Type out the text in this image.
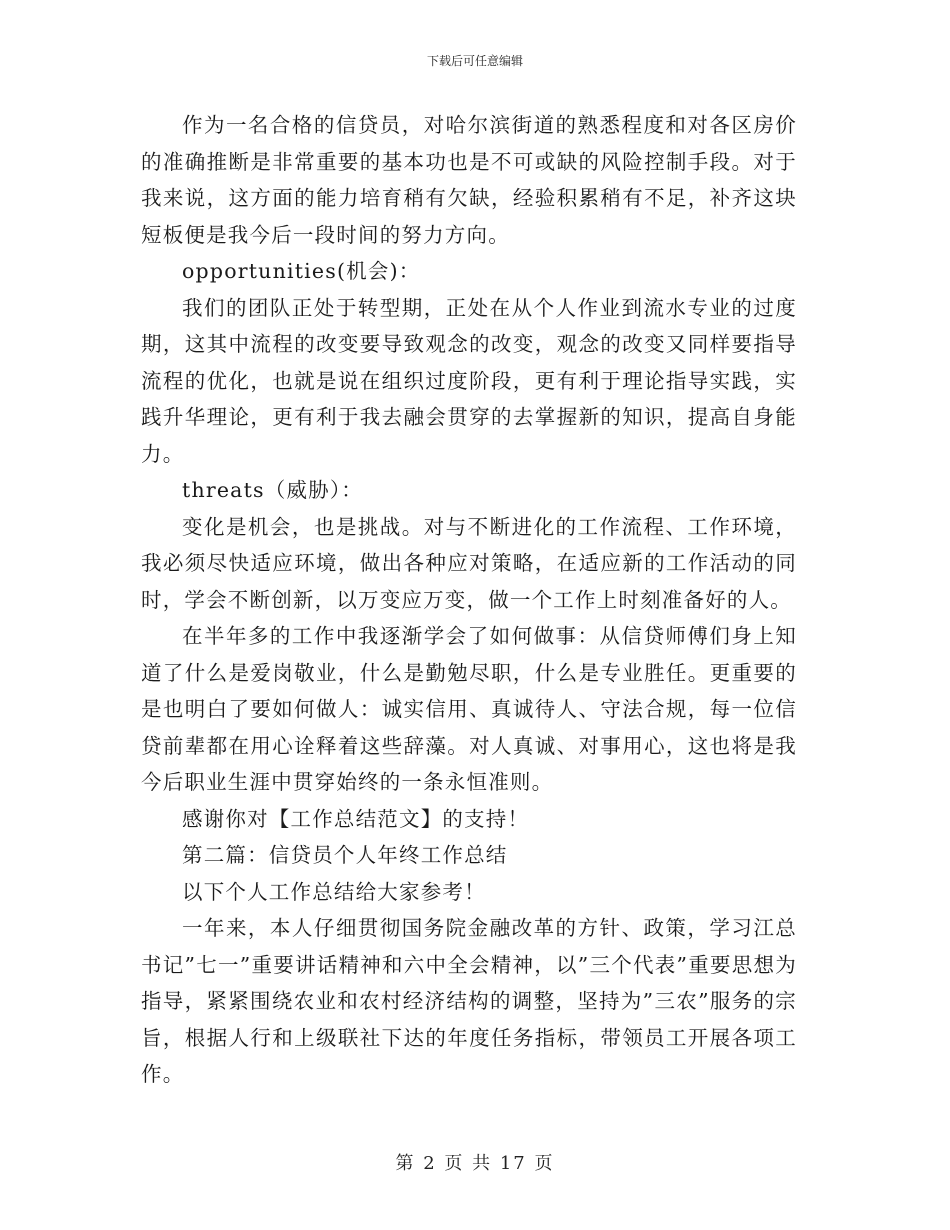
下载后可任意编辑

作为一名合格的信贷员，对哈尔滨街道的熟悉程度和对各区房价的准确推断是非常重要的基本功也是不可或缺的风险控制手段。对于我来说，这方面的能力培育稍有欠缺，经验积累稍有不足，补齐这块短板便是我今后一段时间的努力方向。

opportunities(机会)：

我们的团队正处于转型期，正处在从个人作业到流水专业的过度期，这其中流程的改变要导致观念的改变，观念的改变又同样要指导流程的优化，也就是说在组织过度阶段，更有利于理论指导实践，实践升华理论，更有利于我去融会贯穿的去掌握新的知识，提高自身能力。

threats（威胁）：

变化是机会，也是挑战。对与不断进化的工作流程、工作环境，我必须尽快适应环境，做出各种应对策略，在适应新的工作活动的同时，学会不断创新，以万变应万变，做一个工作上时刻准备好的人。

在半年多的工作中我逐渐学会了如何做事：从信贷师傅们身上知道了什么是爱岗敬业，什么是勤勉尽职，什么是专业胜任。更重要的是也明白了要如何做人：诚实信用、真诚待人、守法合规，每一位信贷前辈都在用心诠释着这些辞藻。对人真诚、对事用心，这也将是我今后职业生涯中贯穿始终的一条永恒准则。

感谢你对【工作总结范文】的支持！

第二篇：信贷员个人年终工作总结

以下个人工作总结给大家参考！

一年来，本人仔细贯彻国务院金融改革的方针、政策，学习江总书记”七一”重要讲话精神和六中全会精神，以”三个代表”重要思想为指导，紧紧围绕农业和农村经济结构的调整，坚持为”三农”服务的宗旨，根据人行和上级联社下达的年度任务指标，带领员工开展各项工作。

第 2 页 共 17 页
